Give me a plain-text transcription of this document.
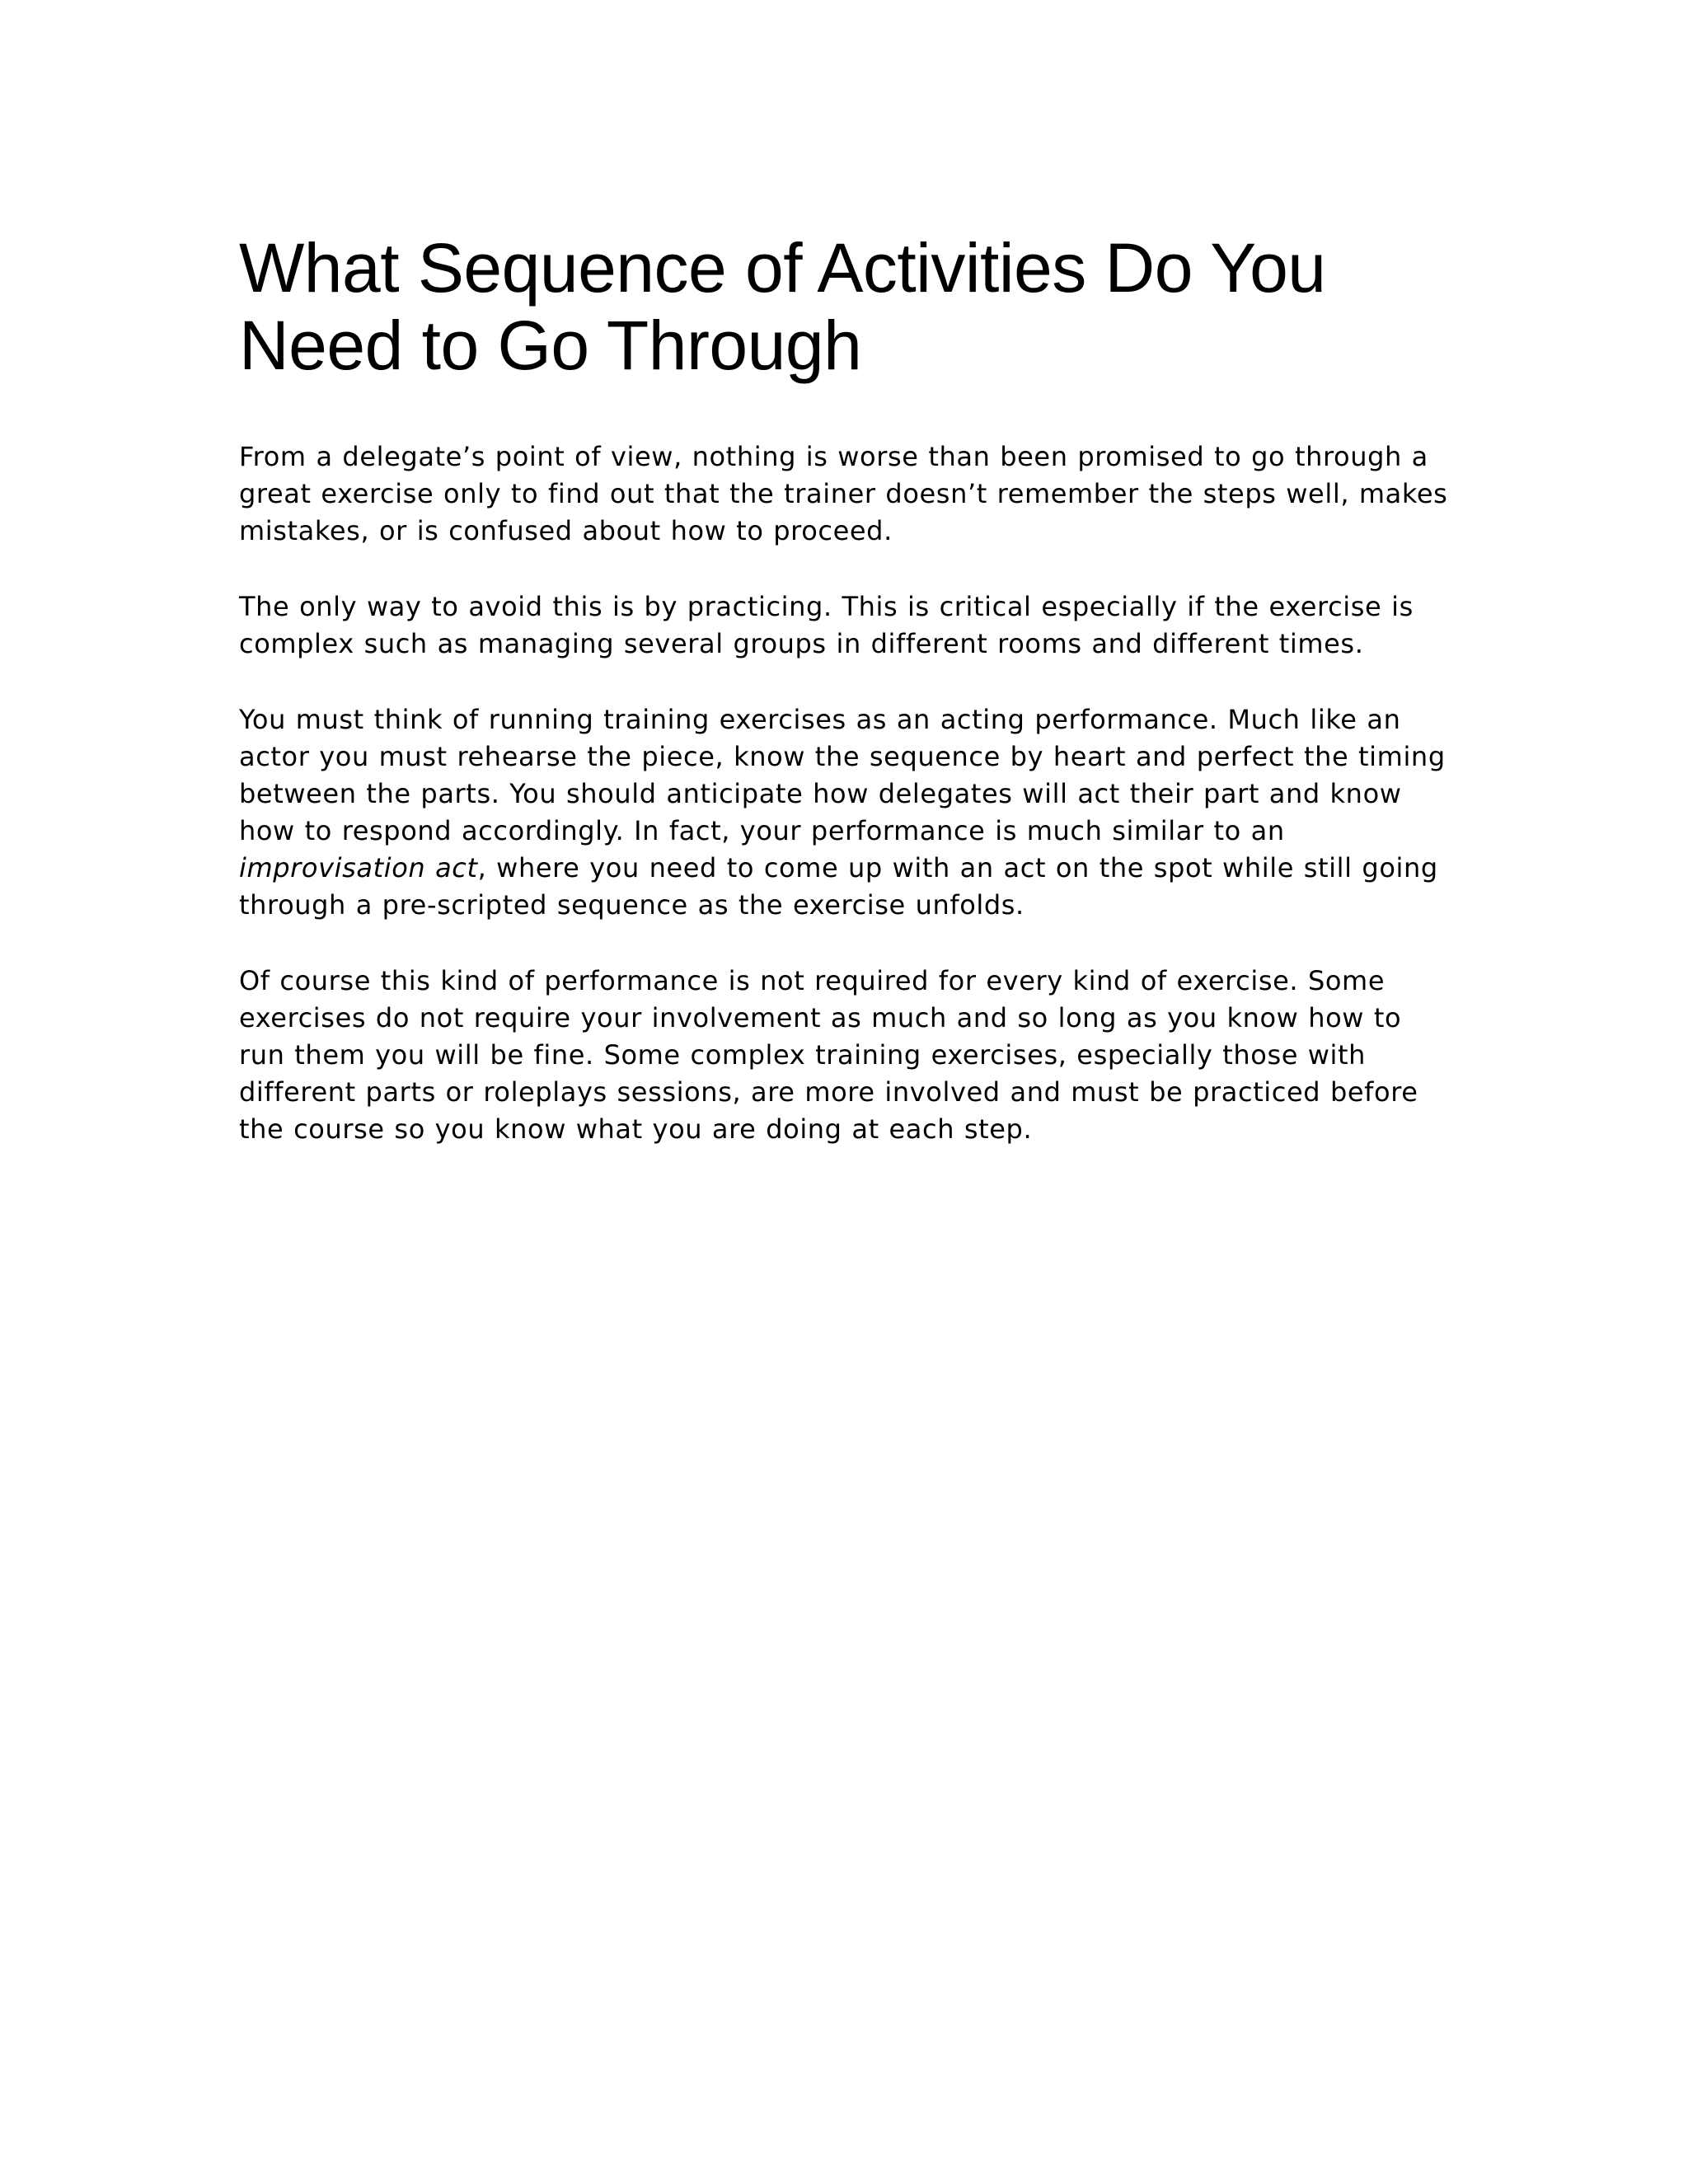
What Sequence of Activities Do You
Need to Go Through

From a delegate’s point of view, nothing is worse than been promised to go through a great exercise only to find out that the trainer doesn’t remember the steps well, makes mistakes, or is confused about how to proceed.

The only way to avoid this is by practicing. This is critical especially if the exercise is complex such as managing several groups in different rooms and different times.

You must think of running training exercises as an acting performance. Much like an actor you must rehearse the piece, know the sequence by heart and perfect the timing between the parts. You should anticipate how delegates will act their part and know how to respond accordingly. In fact, your performance is much similar to an improvisation act, where you need to come up with an act on the spot while still going through a pre-scripted sequence as the exercise unfolds.

Of course this kind of performance is not required for every kind of exercise. Some exercises do not require your involvement as much and so long as you know how to run them you will be fine. Some complex training exercises, especially those with different parts or roleplays sessions, are more involved and must be practiced before the course so you know what you are doing at each step.
